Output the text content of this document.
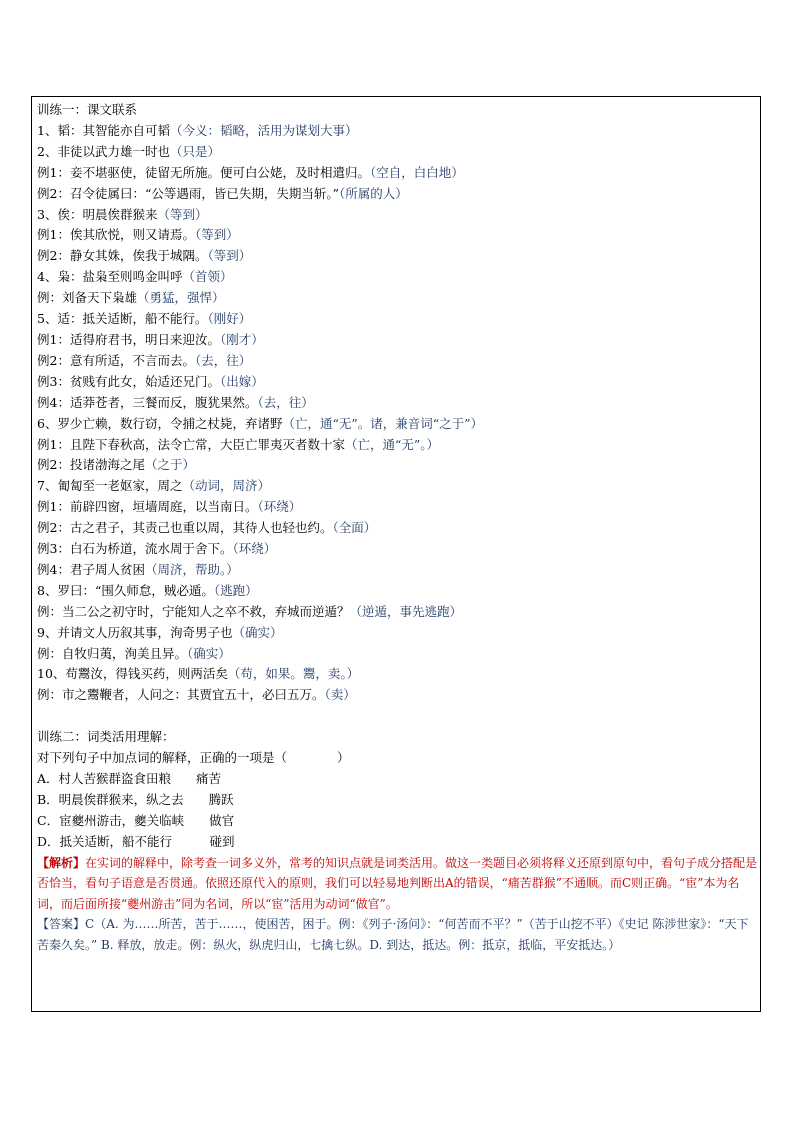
训练一：课文联系
1、韬：其智能亦自可韬（今义：韬略，活用为谋划大事）
2、非徒以武力雄一时也（只是）
例1：妾不堪驱使，徒留无所施。便可白公姥，及时相遣归。（空自，白白地）
例2：召令徒属曰：“公等遇雨，皆已失期，失期当斩。”（所属的人）
3、俟：明晨俟群猴来（等到）
例1：俟其欣悦，则又请焉。（等到）
例2：静女其姝，俟我于城隅。（等到）
4、枭：盐枭至则鸣金叫呼（首领）
例：刘备天下枭雄（勇猛，强悍）
5、适：抵关适断，船不能行。（刚好）
例1：适得府君书，明日来迎汝。（刚才）
例2：意有所适，不言而去。（去，往）
例3：贫贱有此女，始适还兄门。（出嫁）
例4：适莽苍者，三餐而反，腹犹果然。（去，往）
6、罗少亡赖，数行窃，令捕之杖毙，弃诸野（亡，通“无”。诸，兼音词“之于”）
例1：且陛下春秋高，法令亡常，大臣亡罪夷灭者数十家（亡，通“无”。）
例2：投诸渤海之尾（之于）
7、匍匐至一老妪家，周之（动词，周济）
例1：前辟四窗，垣墙周庭，以当南日。（环绕）
例2：古之君子，其责己也重以周，其待人也轻也约。（全面）
例3：白石为桥道，流水周于舍下。（环绕）
例4：君子周人贫困（周济，帮助。）
8、罗曰：“围久师怠，贼必遁。（逃跑）
例：当二公之初守时，宁能知人之卒不救，弃城而逆遁？（逆遁，事先逃跑）
9、并请文人历叙其事，洵奇男子也（确实）
例：自牧归荑，洵美且异。（确实）
10、苟鬻汝，得钱买药，则两活矣（苟，如果。鬻，卖。）
例：市之鬻鞭者，人问之：其贾宜五十，必曰五万。（卖）
训练二：词类活用理解：
对下列句子中加点词的解释，正确的一项是（　　　　）
A．村人苦猴群盗食田粮　　痛苦
B．明晨俟群猴来，纵之去　　腾跃
C．宦夔州游击，夔关临峡　　做官
D．抵关适断，船不能行　　　碰到
【解析】在实词的解释中，除考查一词多义外，常考的知识点就是词类活用。做这一类题目必须将释义还原到原句中，看句子成分搭配是否恰当，看句子语意是否贯通。依照还原代入的原则，我们可以轻易地判断出A的错误，“痛苦群猴”不通顺。而C则正确。“宦”本为名词，而后面所接“夔州游击”同为名词，所以“宦”活用为动词“做官”。
【答案】C（A. 为……所苦，苦于……，使困苦，困于。例：《列子·汤问》：“何苦而不平？”（苦于山挖不平）《史记 陈涉世家》：“天下苦秦久矣。” B. 释放，放走。例：纵火，纵虎归山，七擒七纵。D. 到达，抵达。例：抵京，抵临，平安抵达。）
